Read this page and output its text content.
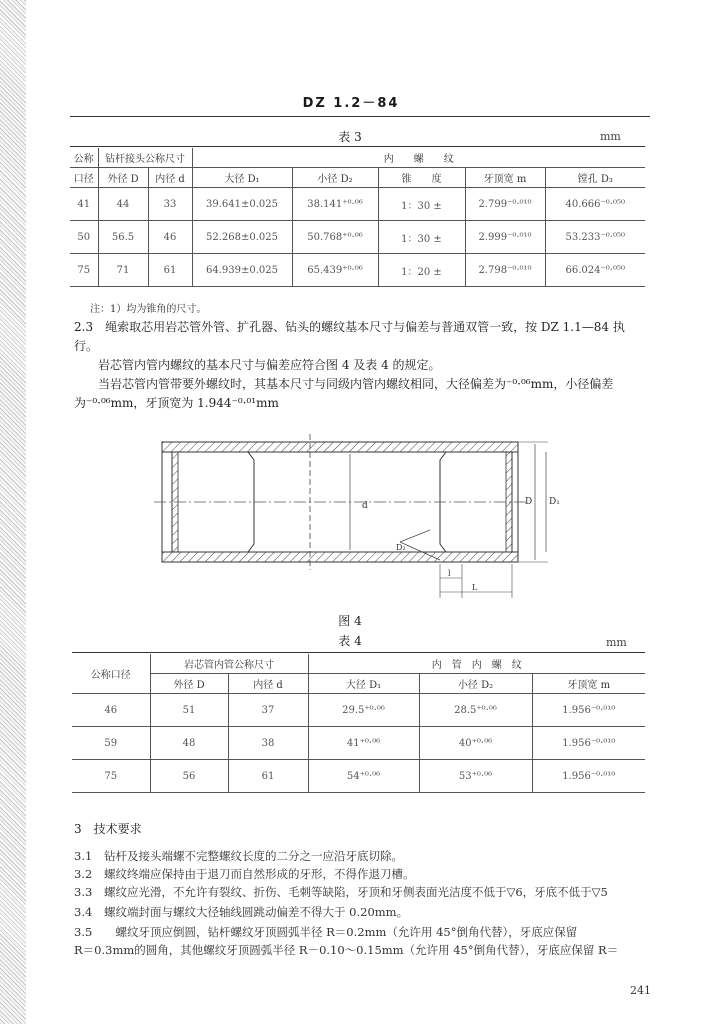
DZ 1.2－84
表 3	mm
公称	钻杆接头公称尺寸		内　　螺　　纹				
口径	外径 D	内径 d	大径 D₁	小径 D₂	锥　　度	牙顶宽 m	镗孔 D₃
41	44	33	39.641±0.025	38.141⁺⁰·⁰⁶	1：30 ±	2.799⁻⁰·⁰¹⁰	40.666⁻⁰·⁰⁵⁰
50	56.5	46	52.268±0.025	50.768⁺⁰·⁰⁶	1：30 ±	2.999⁻⁰·⁰¹⁰	53.233⁻⁰·⁰⁵⁰
75	71	61	64.939±0.025	65.439⁺⁰·⁰⁶	1：20 ±	2.798⁻⁰·⁰¹⁰	66.024⁻⁰·⁰⁵⁰
注：1）均为锥角的尺寸。
2.3　绳索取芯用岩芯管外管、扩孔器、钻头的螺纹基本尺寸与偏差与普通双管一致，按 DZ 1.1—84 执
行。
　　岩芯管内管内螺纹的基本尺寸与偏差应符合图 4 及表 4 的规定。
　　当岩芯管内管带要外螺纹时，其基本尺寸与同级内管内螺纹相同，大径偏差为⁻⁰·⁰⁶mm，小径偏差
为⁻⁰·⁰⁶mm，牙顶宽为 1.944⁻⁰·⁰¹mm
d	D D₁
D₂
l
L
图 4
表 4	mm
公称口径	岩芯管内管公称尺寸		内　管　内　螺　纹		
	外径 D	内径 d	大径 D₁	小径 D₂	牙顶宽 m
46	51	37	29.5⁺⁰·⁰⁶	28.5⁺⁰·⁰⁶	1.956⁻⁰·⁰¹⁰
59	48	38	41⁺⁰·⁰⁶	40⁺⁰·⁰⁶	1.956⁻⁰·⁰¹⁰
75	56	61	54⁺⁰·⁰⁶	53⁺⁰·⁰⁶	1.956⁻⁰·⁰¹⁰
3　技术要求
3.1 钻杆及接头端螺不完整螺纹长度的二分之一应沿牙底切除。
3.2 螺纹终端应保持由于退刀而自然形成的牙形，不得作退刀槽。
3.3 螺纹应光滑，不允许有裂纹、折伤、毛刺等缺陷，牙顶和牙侧表面光洁度不低于▽6，牙底不低于▽5
3.4 螺纹端封面与螺纹大径轴线圆跳动偏差不得大于 0.20mm。
3.5　螺纹牙顶应倒圆，钻杆螺纹牙顶圆弧半径 R＝0.2mm（允许用 45°倒角代替），牙底应保留
R＝0.3mm的圆角，其他螺纹牙顶圆弧半径 R－0.10～0.15mm（允许用 45°倒角代替），牙底应保留 R＝
241
